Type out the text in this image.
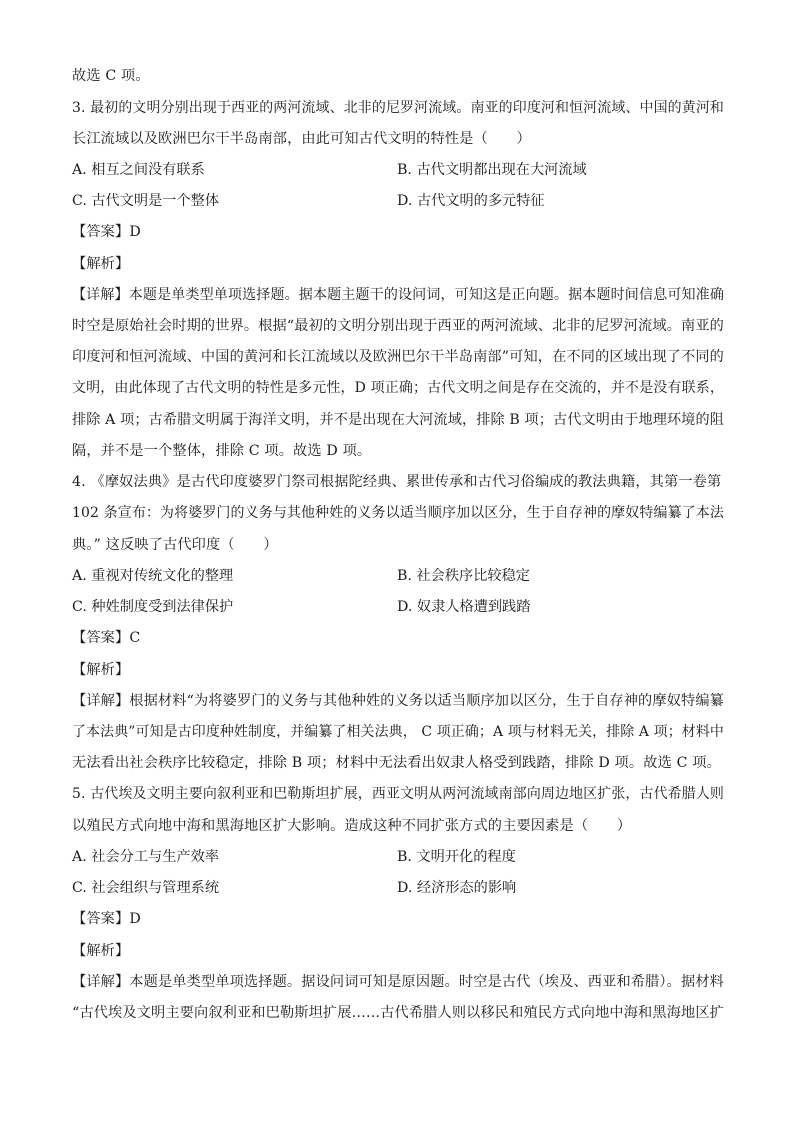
故选 C 项。
3. 最初的文明分别出现于西亚的两河流域、北非的尼罗河流域。南亚的印度河和恒河流域、中国的黄河和
长江流域以及欧洲巴尔干半岛南部，由此可知古代文明的特性是（　　）
A. 相互之间没有联系	B. 古代文明都出现在大河流域
C. 古代文明是一个整体	D. 古代文明的多元特征
【答案】D
【解析】
【详解】本题是单类型单项选择题。据本题主题干的设问词，可知这是正向题。据本题时间信息可知准确
时空是原始社会时期的世界。根据“最初的文明分别出现于西亚的两河流域、北非的尼罗河流域。南亚的
印度河和恒河流域、中国的黄河和长江流域以及欧洲巴尔干半岛南部”可知，在不同的区域出现了不同的
文明，由此体现了古代文明的特性是多元性，D 项正确；古代文明之间是存在交流的，并不是没有联系，
排除 A 项；古希腊文明属于海洋文明，并不是出现在大河流域，排除 B 项；古代文明由于地理环境的阻
隔，并不是一个整体，排除 C 项。故选 D 项。
4. 《摩奴法典》是古代印度婆罗门祭司根据陀经典、累世传承和古代习俗编成的教法典籍，其第一卷第
102 条宣布：为将婆罗门的义务与其他种姓的义务以适当顺序加以区分，生于自存神的摩奴特编纂了本法
典。” 这反映了古代印度（　　）
A. 重视对传统文化的整理	B. 社会秩序比较稳定
C. 种姓制度受到法律保护	D. 奴隶人格遭到践踏
【答案】C
【解析】
【详解】根据材料“为将婆罗门的义务与其他种姓的义务以适当顺序加以区分，生于自存神的摩奴特编纂
了本法典”可知是古印度种姓制度，并编纂了相关法典， C 项正确；A 项与材料无关，排除 A 项；材料中
无法看出社会秩序比较稳定，排除 B 项；材料中无法看出奴隶人格受到践踏，排除 D 项。故选 C 项。
5. 古代埃及文明主要向叙利亚和巴勒斯坦扩展，西亚文明从两河流域南部向周边地区扩张，古代希腊人则
以殖民方式向地中海和黑海地区扩大影响。造成这种不同扩张方式的主要因素是（　　）
A. 社会分工与生产效率	B. 文明开化的程度
C. 社会组织与管理系统	D. 经济形态的影响
【答案】D
【解析】
【详解】本题是单类型单项选择题。据设问词可知是原因题。时空是古代（埃及、西亚和希腊）。据材料
“古代埃及文明主要向叙利亚和巴勒斯坦扩展……古代希腊人则以移民和殖民方式向地中海和黑海地区扩
